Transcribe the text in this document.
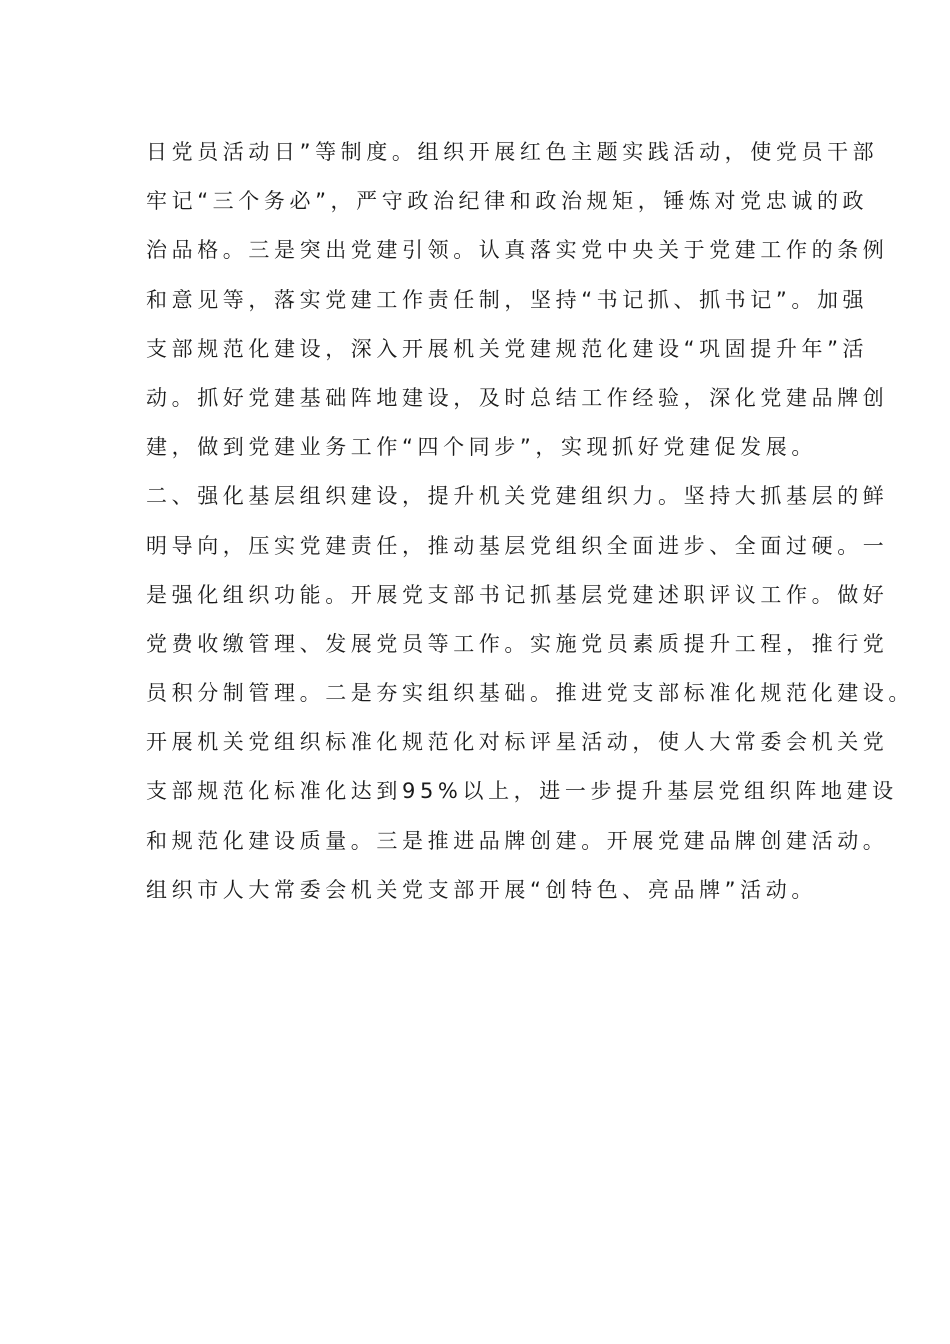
日党员活动日”等制度。组织开展红色主题实践活动，使党员干部
牢记“三个务必”，严守政治纪律和政治规矩，锤炼对党忠诚的政
治品格。三是突出党建引领。认真落实党中央关于党建工作的条例
和意见等，落实党建工作责任制，坚持“书记抓、抓书记”。加强
支部规范化建设，深入开展机关党建规范化建设“巩固提升年”活
动。抓好党建基础阵地建设，及时总结工作经验，深化党建品牌创
建，做到党建业务工作“四个同步”，实现抓好党建促发展。
二、强化基层组织建设，提升机关党建组织力。坚持大抓基层的鲜
明导向，压实党建责任，推动基层党组织全面进步、全面过硬。一
是强化组织功能。开展党支部书记抓基层党建述职评议工作。做好
党费收缴管理、发展党员等工作。实施党员素质提升工程，推行党
员积分制管理。二是夯实组织基础。推进党支部标准化规范化建设。
开展机关党组织标准化规范化对标评星活动，使人大常委会机关党
支部规范化标准化达到95%以上，进一步提升基层党组织阵地建设
和规范化建设质量。三是推进品牌创建。开展党建品牌创建活动。
组织市人大常委会机关党支部开展“创特色、亮品牌”活动。
